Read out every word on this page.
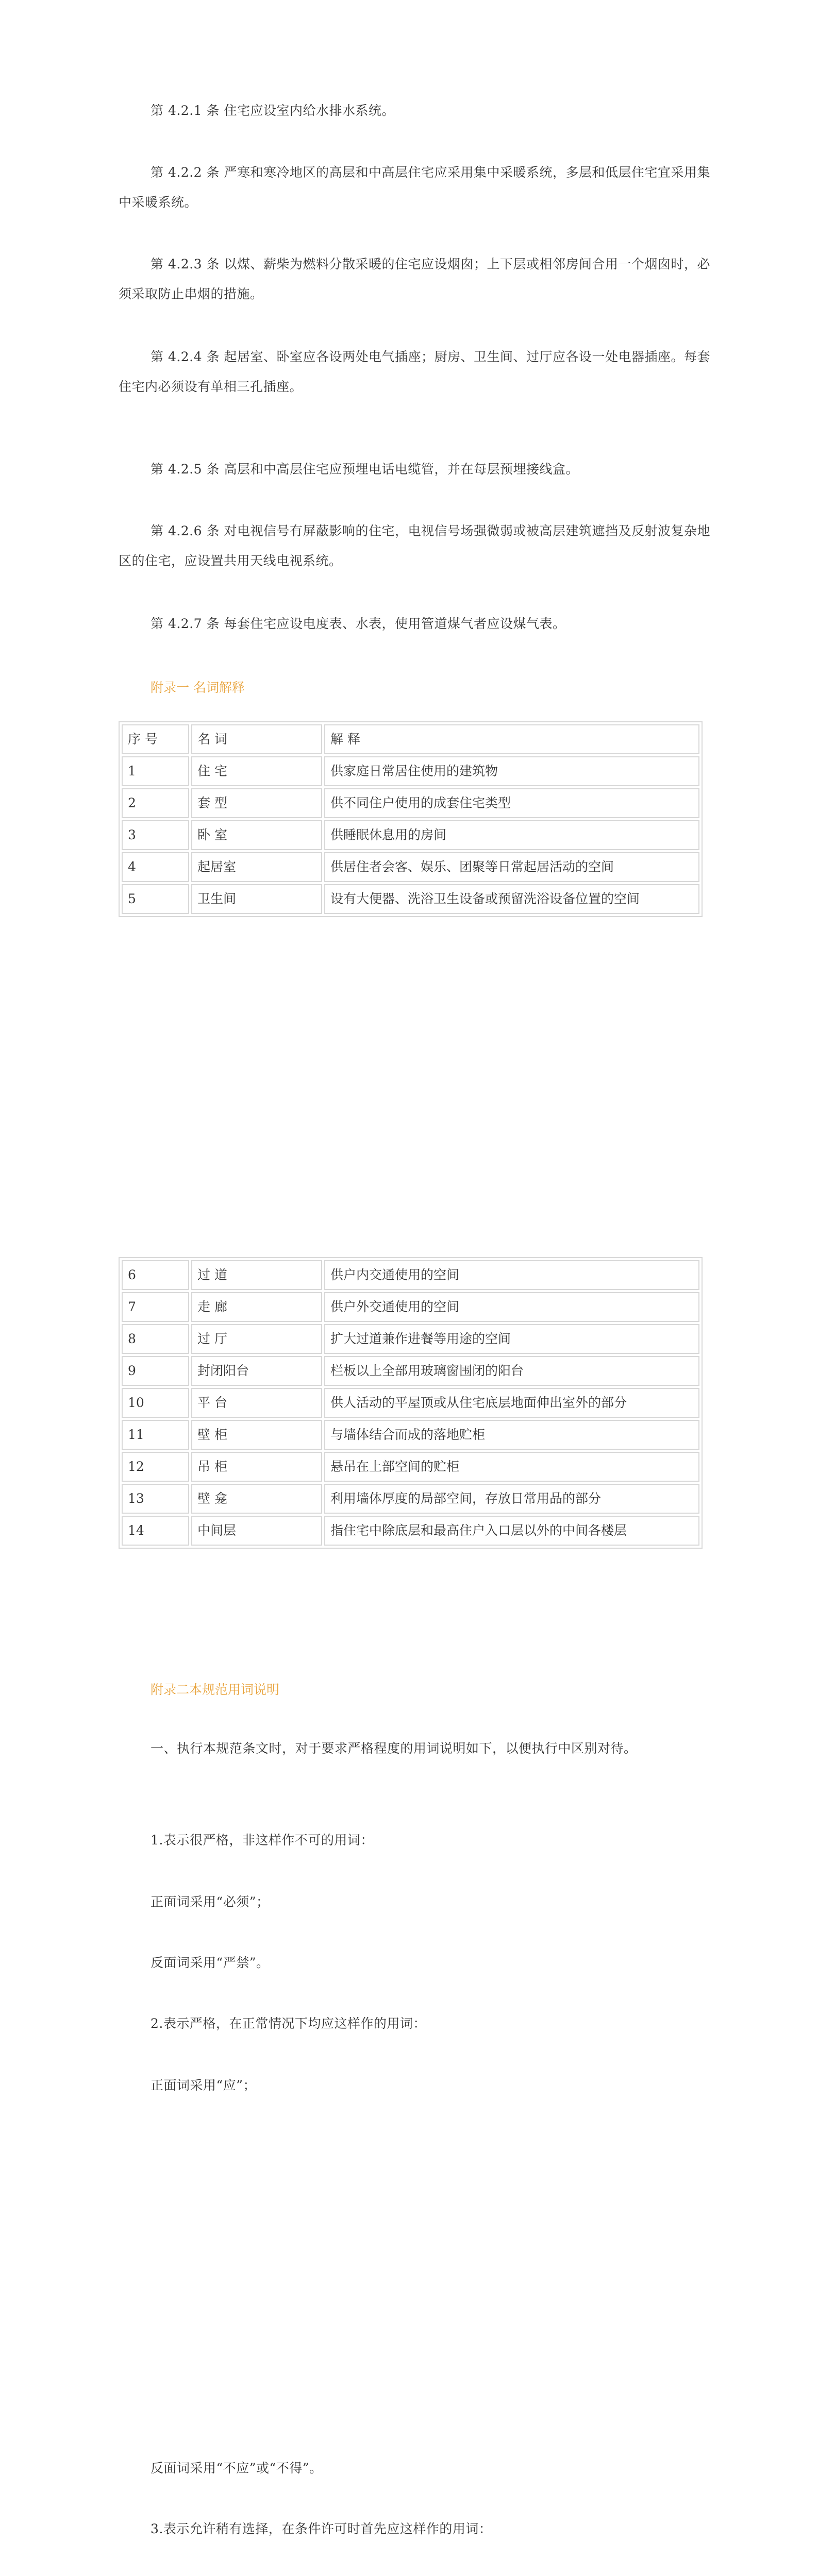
第 4.2.1 条 住宅应设室内给水排水系统。

第 4.2.2 条 严寒和寒冷地区的高层和中高层住宅应采用集中采暖系统，多层和低层住宅宜采用集中采暖系统。

第 4.2.3 条 以煤、薪柴为燃料分散采暖的住宅应设烟囱；上下层或相邻房间合用一个烟囱时，必须采取防止串烟的措施。

第 4.2.4 条 起居室、卧室应各设两处电气插座；厨房、卫生间、过厅应各设一处电器插座。每套住宅内必须设有单相三孔插座。

第 4.2.5 条 高层和中高层住宅应预埋电话电缆管，并在每层预埋接线盒。

第 4.2.6 条 对电视信号有屏蔽影响的住宅，电视信号场强微弱或被高层建筑遮挡及反射波复杂地区的住宅，应设置共用天线电视系统。

第 4.2.7 条 每套住宅应设电度表、水表，使用管道煤气者应设煤气表。

附录一 名词解释

序 号	名 词	解 释
1	住 宅	供家庭日常居住使用的建筑物
2	套 型	供不同住户使用的成套住宅类型
3	卧 室	供睡眠休息用的房间
4	起居室	供居住者会客、娱乐、团聚等日常起居活动的空间
5	卫生间	设有大便器、洗浴卫生设备或预留洗浴设备位置的空间
6	过 道	供户内交通使用的空间
7	走 廊	供户外交通使用的空间
8	过 厅	扩大过道兼作进餐等用途的空间
9	封闭阳台	栏板以上全部用玻璃窗围闭的阳台
10	平 台	供人活动的平屋顶或从住宅底层地面伸出室外的部分
11	壁 柜	与墙体结合而成的落地贮柜
12	吊 柜	悬吊在上部空间的贮柜
13	壁 龛	利用墙体厚度的局部空间，存放日常用品的部分
14	中间层	指住宅中除底层和最高住户入口层以外的中间各楼层

附录二本规范用词说明

一、执行本规范条文时，对于要求严格程度的用词说明如下，以便执行中区别对待。

1.表示很严格，非这样作不可的用词：

正面词采用“必须”；

反面词采用“严禁”。

2.表示严格，在正常情况下均应这样作的用词：

正面词采用“应”；

反面词采用“不应”或“不得”。

3.表示允许稍有选择，在条件许可时首先应这样作的用词：
